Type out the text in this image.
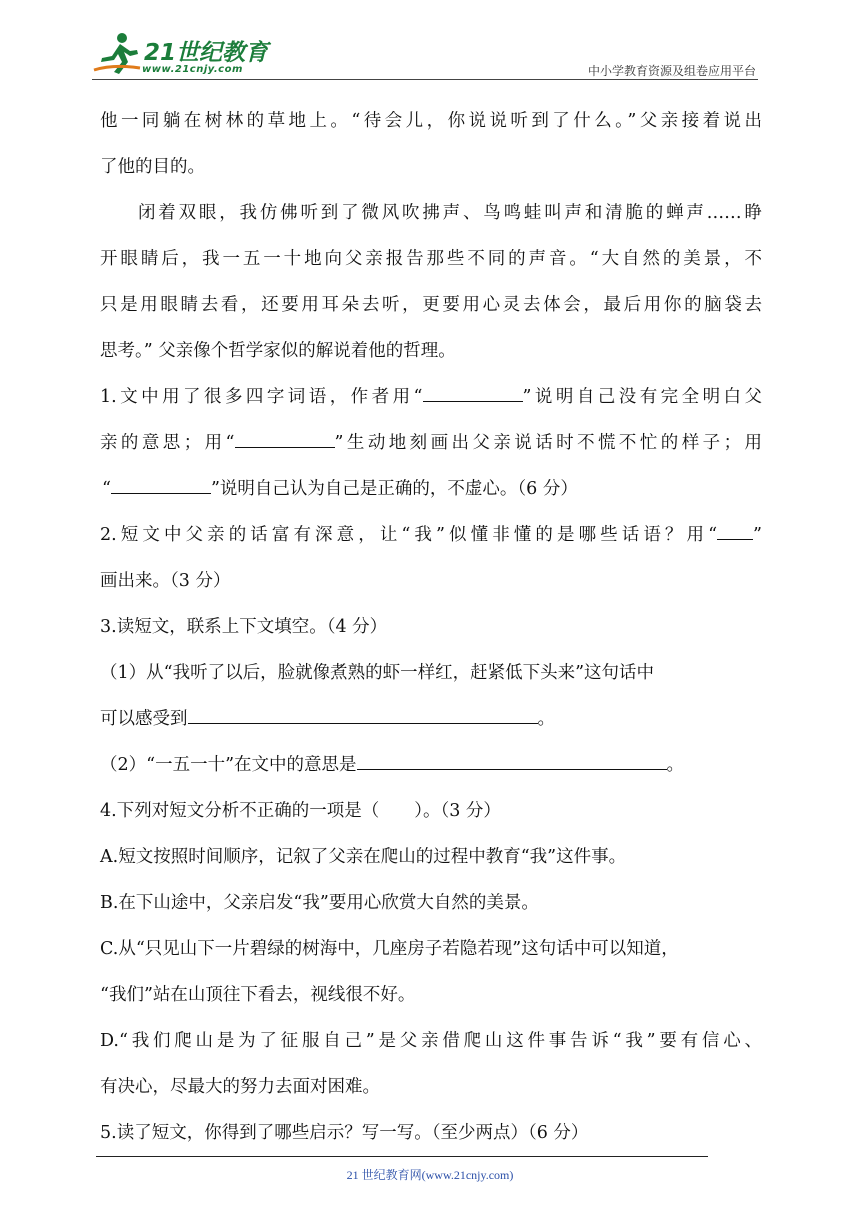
21世纪教育
www.21cnjy.com	中小学教育资源及组卷应用平台
他一同躺在树林的草地上。“待会儿，你说说听到了什么。”父亲接着说出
了他的目的。
闭着双眼，我仿佛听到了微风吹拂声、鸟鸣蛙叫声和清脆的蝉声……睁
开眼睛后，我一五一十地向父亲报告那些不同的声音。“大自然的美景，不
只是用眼睛去看，还要用耳朵去听，更要用心灵去体会，最后用你的脑袋去
思考。” 父亲像个哲学家似的解说着他的哲理。
1.文中用了很多四字词语，作者用“	”说明自己没有完全明白父
亲的意思；用“	”生动地刻画出父亲说话时不慌不忙的样子；用
“	”说明自己认为自己是正确的，不虚心。（6 分）
2.短文中父亲的话富有深意，让“我”似懂非懂的是哪些话语？用“ ”
画出来。（3 分）
3.读短文，联系上下文填空。（4 分）
（1）从“我听了以后，脸就像煮熟的虾一样红，赶紧低下头来”这句话中
可以感受到	。
（2）“一五一十”在文中的意思是	。
4.下列对短文分析不正确的一项是（　　）。（3 分）
A.短文按照时间顺序，记叙了父亲在爬山的过程中教育“我”这件事。
B.在下山途中，父亲启发“我”要用心欣赏大自然的美景。
C.从“只见山下一片碧绿的树海中，几座房子若隐若现”这句话中可以知道，
“我们”站在山顶往下看去，视线很不好。
D.“我们爬山是为了征服自己”是父亲借爬山这件事告诉“我”要有信心、
有决心，尽最大的努力去面对困难。
5.读了短文，你得到了哪些启示？写一写。（至少两点）（6 分）
21 世纪教育网(www.21cnjy.com)
